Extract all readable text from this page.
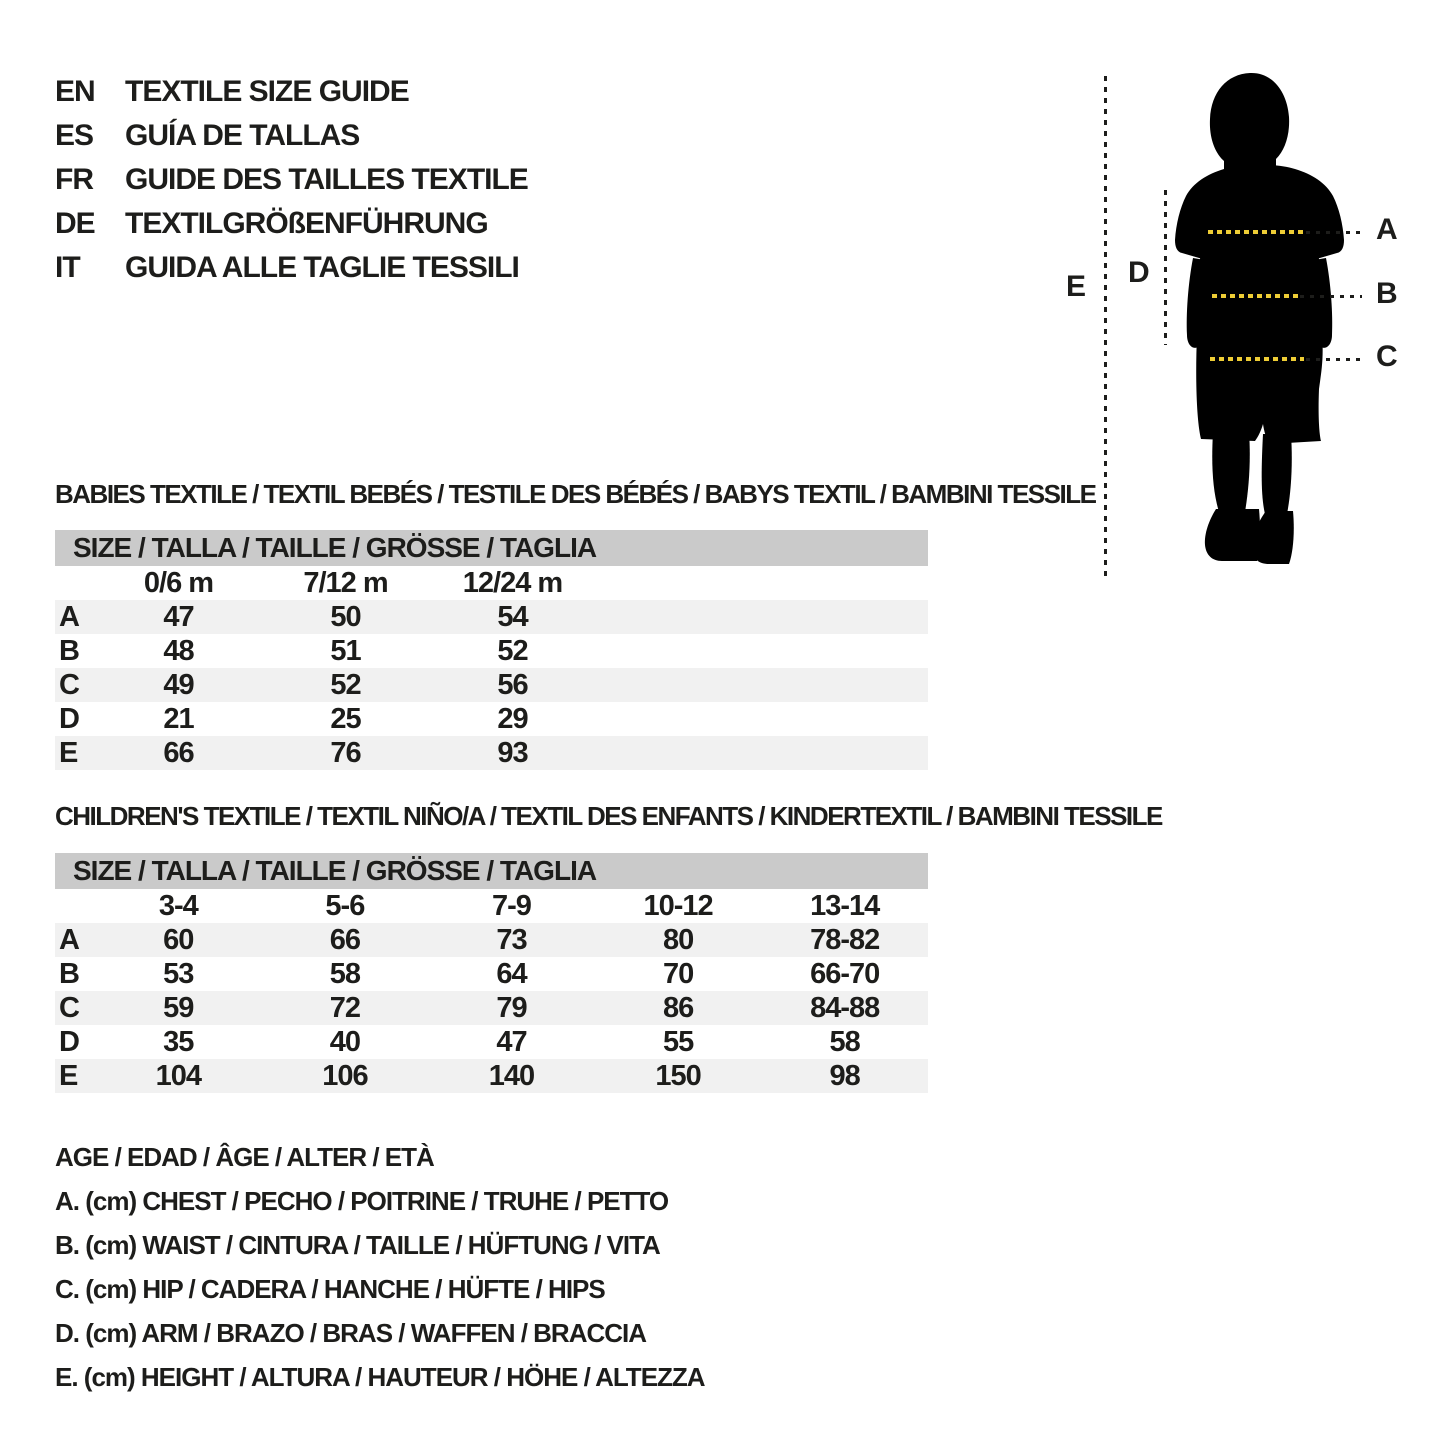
EN	TEXTILE SIZE GUIDE
ES	GUÍA DE TALLAS
FR	GUIDE DES TAILLES TEXTILE
DE	TEXTILGRÖßENFÜHRUNG
IT	GUIDA ALLE TAGLIE TESSILI
E D
A
B
C
BABIES TEXTILE / TEXTIL BEBÉS / TESTILE DES BÉBÉS / BABYS TEXTIL / BAMBINI TESSILE
SIZE / TALLA / TAILLE / GRÖSSE / TAGLIA
0/6 m	7/12 m	12/24 m
A	47	50	54
B	48	51	52
C	49	52	56
D	21	25	29
E	66	76	93
CHILDREN'S TEXTILE / TEXTIL NIÑO/A / TEXTIL DES ENFANTS / KINDERTEXTIL / BAMBINI TESSILE
SIZE / TALLA / TAILLE / GRÖSSE / TAGLIA
3-4	5-6	7-9	10-12	13-14
A	60	66	73	80	78-82
B	53	58	64	70	66-70
C	59	72	79	86	84-88
D	35	40	47	55	58
E	104	106	140	150	98
AGE / EDAD / ÂGE / ALTER / ETÀ
A. (cm) CHEST / PECHO / POITRINE / TRUHE / PETTO
B. (cm) WAIST / CINTURA / TAILLE / HÜFTUNG / VITA
C. (cm) HIP / CADERA / HANCHE / HÜFTE / HIPS
D. (cm) ARM / BRAZO / BRAS / WAFFEN / BRACCIA
E. (cm) HEIGHT / ALTURA / HAUTEUR / HÖHE / ALTEZZA
